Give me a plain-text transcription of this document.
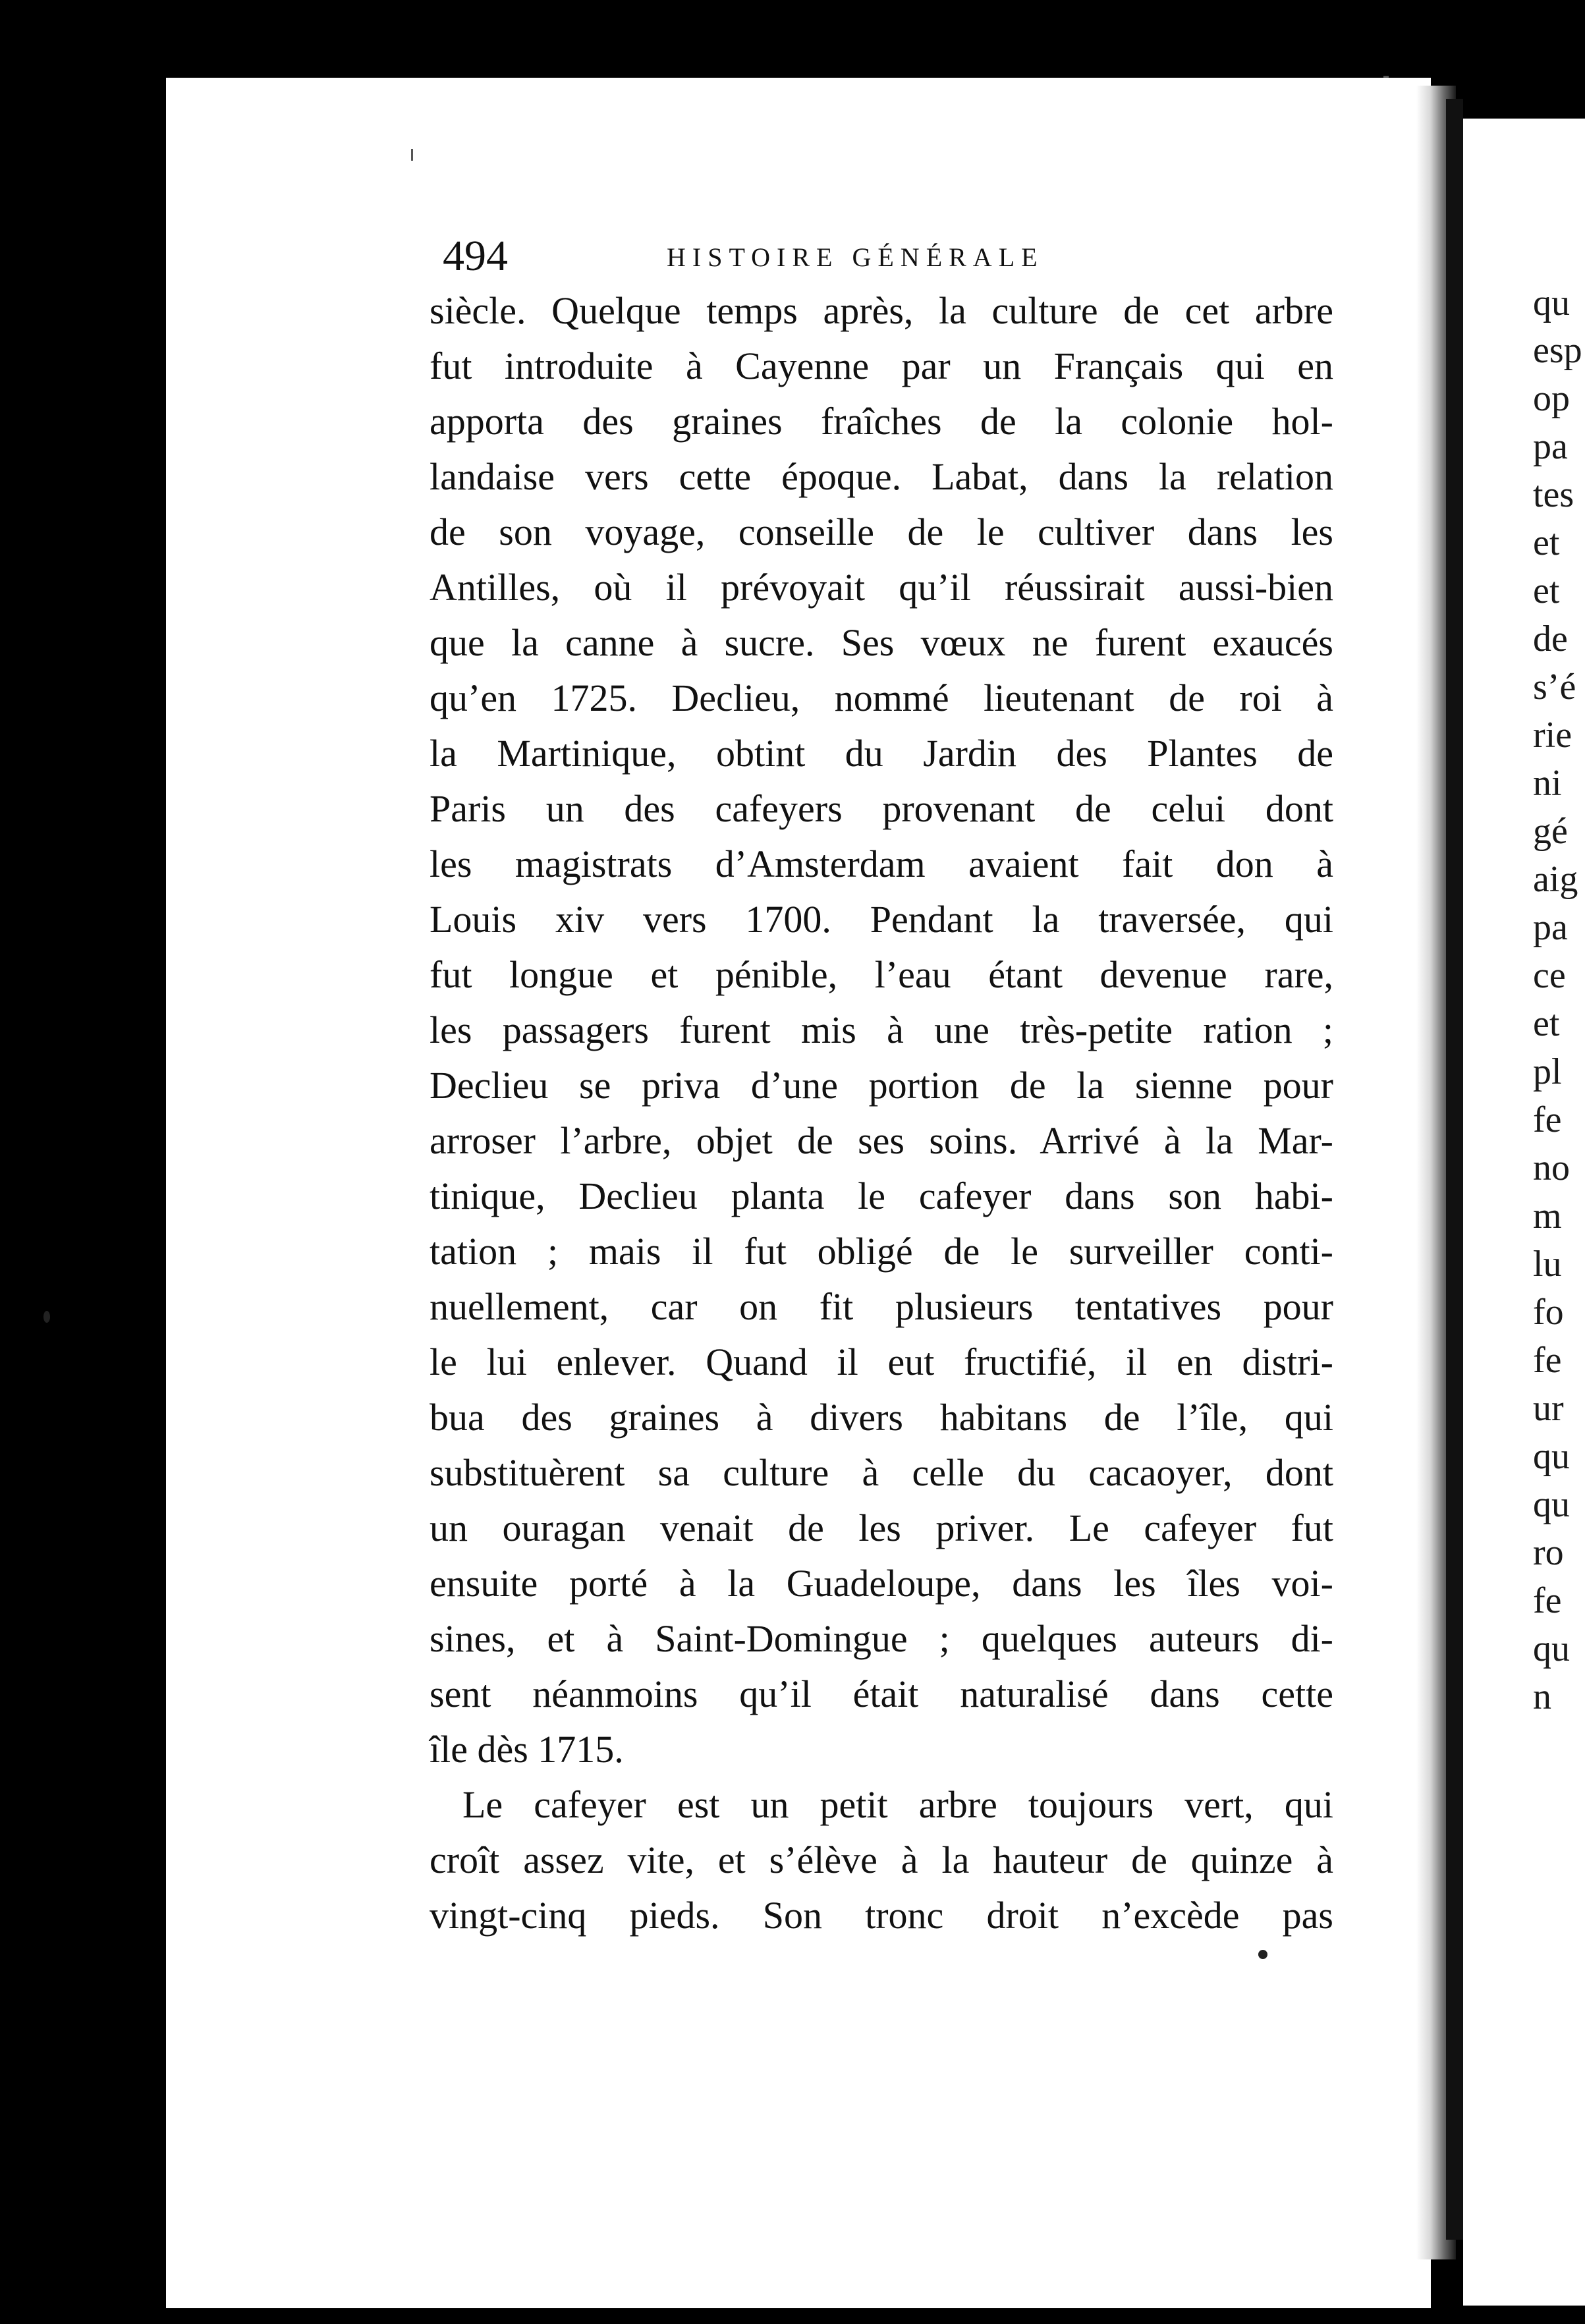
494	HISTOIRE GÉNÉRALE
siècle. Quelque temps après, la culture de cet arbre
fut introduite à Cayenne par un Français qui en
apporta des graines fraîches de la colonie hol-
landaise vers cette époque. Labat, dans la relation
de son voyage, conseille de le cultiver dans les
Antilles, où il prévoyait qu’il réussirait aussi-bien
que la canne à sucre. Ses vœux ne furent exaucés
qu’en 1725. Declieu, nommé lieutenant de roi à
la Martinique, obtint du Jardin des Plantes de
Paris un des cafeyers provenant de celui dont
les magistrats d’Amsterdam avaient fait don à
Louis xiv vers 1700. Pendant la traversée, qui
fut longue et pénible, l’eau étant devenue rare,
les passagers furent mis à une très-petite ration ;
Declieu se priva d’une portion de la sienne pour
arroser l’arbre, objet de ses soins. Arrivé à la Mar-
tinique, Declieu planta le cafeyer dans son habi-
tation ; mais il fut obligé de le surveiller conti-
nuellement, car on fit plusieurs tentatives pour
le lui enlever. Quand il eut fructifié, il en distri-
bua des graines à divers habitans de l’île, qui
substituèrent sa culture à celle du cacaoyer, dont
un ouragan venait de les priver. Le cafeyer fut
ensuite porté à la Guadeloupe, dans les îles voi-
sines, et à Saint-Domingue ; quelques auteurs di-
sent néanmoins qu’il était naturalisé dans cette
île dès 1715.
Le cafeyer est un petit arbre toujours vert, qui
croît assez vite, et s’élève à la hauteur de quinze à
vingt-cinq pieds. Son tronc droit n’excède pas
qu
esp
op
pa
tes
et
et
de
s’é
rie
ni
gé
aig
pa
ce
et
pl
fe
no
m
lu
fo
fe
ur
qu
qu
ro
fe
qu
n
